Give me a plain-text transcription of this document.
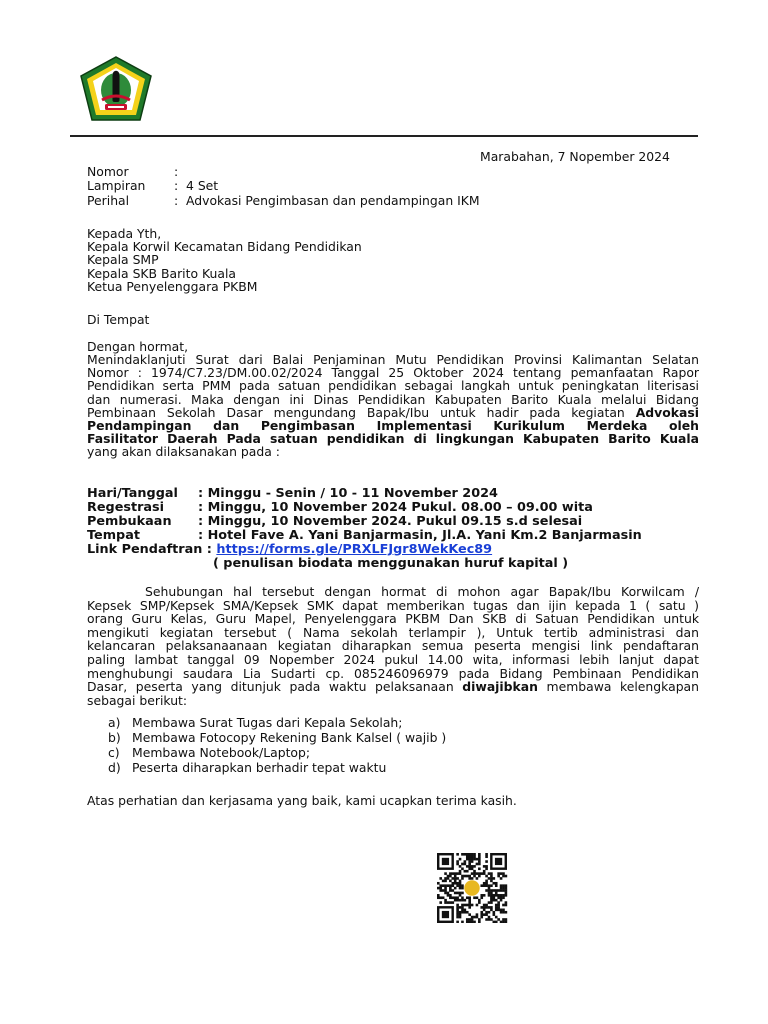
Marabahan, 7 Nopember 2024
Nomor	:
Lampiran : 4 Set
Perihal	: Advokasi Pengimbasan dan pendampingan IKM
Kepada Yth,
Kepala Korwil Kecamatan Bidang Pendidikan
Kepala SMP
Kepala SKB Barito Kuala
Ketua Penyelenggara PKBM
Di Tempat
Dengan hormat,
Menindaklanjuti Surat dari Balai Penjaminan Mutu Pendidikan Provinsi Kalimantan Selatan
Nomor : 1974/C7.23/DM.00.02/2024 Tanggal 25 Oktober 2024 tentang pemanfaatan Rapor
Pendidikan serta PMM pada satuan pendidikan sebagai langkah untuk peningkatan literisasi
dan numerasi. Maka dengan ini Dinas Pendidikan Kabupaten Barito Kuala melalui Bidang
Pembinaan Sekolah Dasar mengundang Bapak/Ibu untuk hadir pada kegiatan Advokasi
Pendampingan dan Pengimbasan Implementasi Kurikulum Merdeka oleh
Fasilitator Daerah Pada satuan pendidikan di lingkungan Kabupaten Barito Kuala
yang akan dilaksanakan pada :
Hari/Tanggal : Minggu - Senin / 10 - 11 November 2024
Regestrasi	: Minggu, 10 November 2024 Pukul. 08.00 – 09.00 wita
Pembukaan : Minggu, 10 November 2024. Pukul 09.15 s.d selesai
Tempat	: Hotel Fave A. Yani Banjarmasin, Jl.A. Yani Km.2 Banjarmasin
Link Pendaftran : https://forms.gle/PRXLFJgr8WekKec89
( penulisan biodata menggunakan huruf kapital )
Sehubungan hal tersebut dengan hormat di mohon agar Bapak/Ibu Korwilcam /
Kepsek SMP/Kepsek SMA/Kepsek SMK dapat memberikan tugas dan ijin kepada 1 ( satu )
orang Guru Kelas, Guru Mapel, Penyelenggara PKBM Dan SKB di Satuan Pendidikan untuk
mengikuti kegiatan tersebut ( Nama sekolah terlampir ), Untuk tertib administrasi dan
kelancaran pelaksanaanaan kegiatan diharapkan semua peserta mengisi link pendaftaran
paling lambat tanggal 09 Nopember 2024 pukul 14.00 wita, informasi lebih lanjut dapat
menghubungi saudara Lia Sudarti cp. 085246096979 pada Bidang Pembinaan Pendidikan
Dasar, peserta yang ditunjuk pada waktu pelaksanaan diwajibkan membawa kelengkapan
sebagai berikut:
a) Membawa Surat Tugas dari Kepala Sekolah;
b) Membawa Fotocopy Rekening Bank Kalsel ( wajib )
c) Membawa Notebook/Laptop;
d) Peserta diharapkan berhadir tepat waktu
Atas perhatian dan kerjasama yang baik, kami ucapkan terima kasih.
